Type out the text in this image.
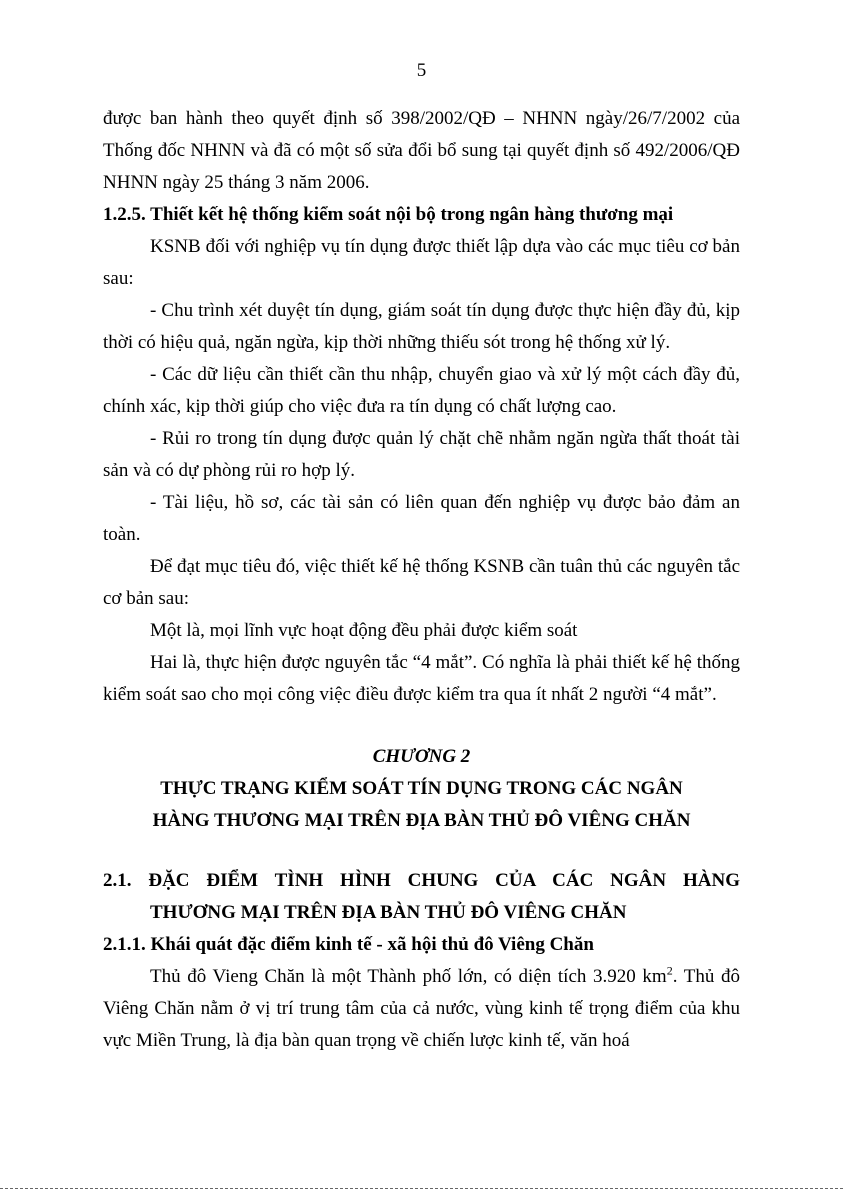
5

được ban hành theo quyết định số 398/2002/QĐ – NHNN ngày/26/7/2002 của Thống đốc NHNN và đã có một số sửa đổi bổ sung tại quyết định số 492/2006/QĐ NHNN ngày 25 tháng 3 năm 2006.

1.2.5. Thiết kết hệ thống kiểm soát nội bộ trong ngân hàng thương mại

KSNB đối với nghiệp vụ tín dụng được thiết lập dựa vào các mục tiêu cơ bản sau:

- Chu trình xét duyệt tín dụng, giám soát tín dụng được thực hiện đầy đủ, kịp thời có hiệu quả, ngăn ngừa, kịp thời những thiếu sót trong hệ thống xử lý.

- Các dữ liệu cần thiết cần thu nhập, chuyển giao và xử lý một cách đầy đủ, chính xác, kịp thời giúp cho việc đưa ra tín dụng có chất lượng cao.

- Rủi ro trong tín dụng được quản lý chặt chẽ nhằm ngăn ngừa thất thoát tài sản và có dự phòng rủi ro hợp lý.

- Tài liệu, hồ sơ, các tài sản có liên quan đến nghiệp vụ được bảo đảm an toàn.

Để đạt mục tiêu đó, việc thiết kế hệ thống KSNB cần tuân thủ các nguyên tắc cơ bản sau:

Một là, mọi lĩnh vực hoạt động đều phải được kiểm soát

Hai là, thực hiện được nguyên tắc “4 mắt”. Có nghĩa là phải thiết kế hệ thống kiểm soát sao cho mọi công việc điều được kiểm tra qua ít nhất 2 người “4 mắt”.

CHƯƠNG 2

THỰC TRẠNG KIỂM SOÁT TÍN DỤNG TRONG CÁC NGÂN

HÀNG THƯƠNG MẠI TRÊN ĐỊA BÀN THỦ ĐÔ VIÊNG CHĂN

2.1. ĐẶC ĐIỂM TÌNH HÌNH CHUNG CỦA CÁC NGÂN HÀNG
THƯƠNG MẠI TRÊN ĐỊA BÀN THỦ ĐÔ VIÊNG CHĂN

2.1.1. Khái quát đặc điểm kinh tế - xã hội thủ đô Viêng Chăn

Thủ đô Vieng Chăn là một Thành phố lớn, có diện tích 3.920 $km^2$. Thủ đô Viêng Chăn nằm ở vị trí trung tâm của cả nước, vùng kinh tế trọng điểm của khu vực Miền Trung, là địa bàn quan trọng về chiến lược kinh tế, văn hoá
